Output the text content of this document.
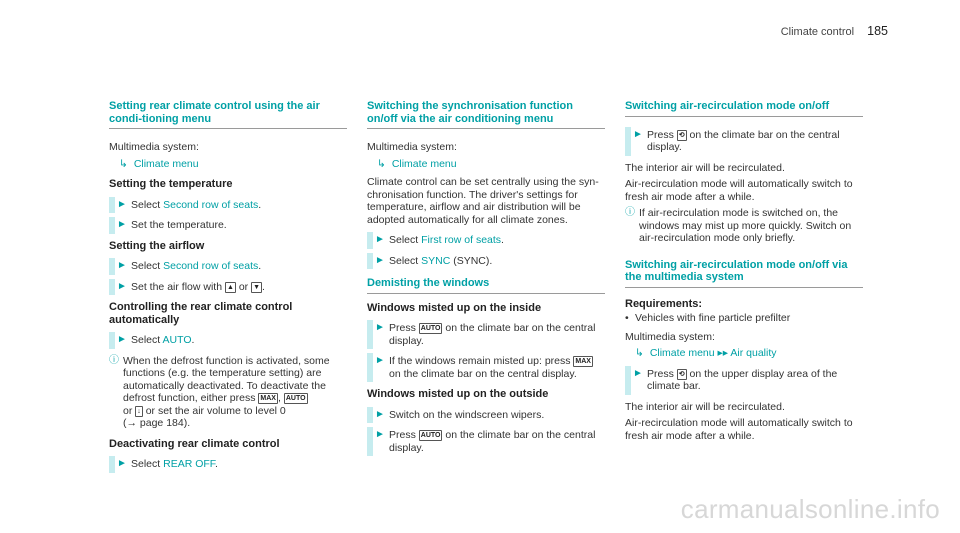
Climate control 185
Setting rear climate control using the air condi-tioning menu
Multimedia system:
↳ Climate menu
Setting the temperature
► Select Second row of seats.
► Set the temperature.
Setting the airflow
► Select Second row of seats.
► Set the air flow with ▲ or ▼ .
Controlling the rear climate control automatically
► Select AUTO.
ⓘ When the defrost function is activated, some functions (e.g. the temperature setting) are automatically deactivated. To deactivate the defrost function, either press MAX , AUTO
or ↓ or set the air volume to level 0
(→ page 184).
Deactivating rear climate control
► Select REAR OFF.
Switching the synchronisation function on/off via the air conditioning menu
Multimedia system:
↳ Climate menu
Climate control can be set centrally using the syn-chronisation function. The driver's settings for temperature, airflow and air distribution will be adopted automatically for all climate zones.
► Select First row of seats.
► Select SYNC (SYNC).
Demisting the windows
Windows misted up on the inside
► Press AUTO on the climate bar on the central display.
► If the windows remain misted up: press MAX
on the climate bar on the central display.
Windows misted up on the outside
► Switch on the windscreen wipers.
► Press AUTO on the climate bar on the central display.
Switching air-recirculation mode on/off
► Press ⟲ on the climate bar on the central display.
The interior air will be recirculated.
Air-recirculation mode will automatically switch to fresh air mode after a while.
ⓘ If air-recirculation mode is switched on, the windows may mist up more quickly. Switch on air-recirculation mode only briefly.
Switching air-recirculation mode on/off via the multimedia system
Requirements:
• Vehicles with fine particle prefilter
Multimedia system:
↳ Climate menu ▸▸ Air quality
► Press ⟲ on the upper display area of the climate bar.
The interior air will be recirculated.
Air-recirculation mode will automatically switch to fresh air mode after a while.
carmanualsonline.info
